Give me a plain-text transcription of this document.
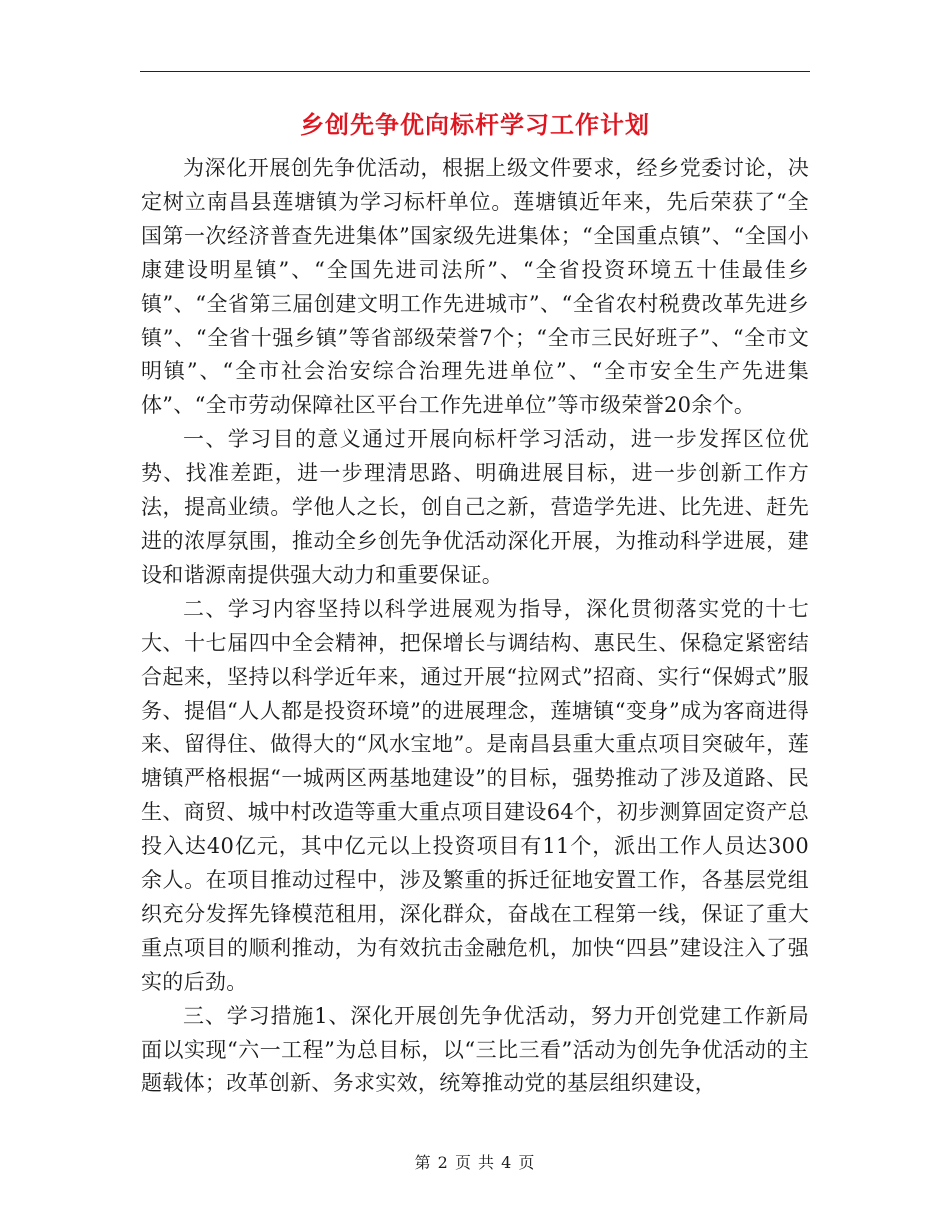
乡创先争优向标杆学习工作计划

为深化开展创先争优活动，根据上级文件要求，经乡党委讨论，决定树立南昌县莲塘镇为学习标杆单位。莲塘镇近年来，先后荣获了“全国第一次经济普查先进集体”国家级先进集体；“全国重点镇”、“全国小康建设明星镇”、“全国先进司法所”、“全省投资环境五十佳最佳乡镇”、“全省第三届创建文明工作先进城市”、“全省农村税费改革先进乡镇”、“全省十强乡镇”等省部级荣誉7个；“全市三民好班子”、“全市文明镇”、“全市社会治安综合治理先进单位”、“全市安全生产先进集体”、“全市劳动保障社区平台工作先进单位”等市级荣誉20余个。

一、学习目的意义通过开展向标杆学习活动，进一步发挥区位优势、找准差距，进一步理清思路、明确进展目标，进一步创新工作方法，提高业绩。学他人之长，创自己之新，营造学先进、比先进、赶先进的浓厚氛围，推动全乡创先争优活动深化开展，为推动科学进展，建设和谐源南提供强大动力和重要保证。

二、学习内容坚持以科学进展观为指导，深化贯彻落实党的十七大、十七届四中全会精神，把保增长与调结构、惠民生、保稳定紧密结合起来，坚持以科学近年来，通过开展“拉网式”招商、实行“保姆式”服务、提倡“人人都是投资环境”的进展理念，莲塘镇“变身”成为客商进得来、留得住、做得大的“风水宝地”。是南昌县重大重点项目突破年，莲塘镇严格根据“一城两区两基地建设”的目标，强势推动了涉及道路、民生、商贸、城中村改造等重大重点项目建设64个，初步测算固定资产总投入达40亿元，其中亿元以上投资项目有11个，派出工作人员达300余人。在项目推动过程中，涉及繁重的拆迁征地安置工作，各基层党组织充分发挥先锋模范租用，深化群众，奋战在工程第一线，保证了重大重点项目的顺利推动，为有效抗击金融危机，加快“四县”建设注入了强实的后劲。

三、学习措施1、深化开展创先争优活动，努力开创党建工作新局面以实现“六一工程”为总目标，以“三比三看”活动为创先争优活动的主题载体；改革创新、务求实效，统筹推动党的基层组织建设，

第 2 页 共 4 页
